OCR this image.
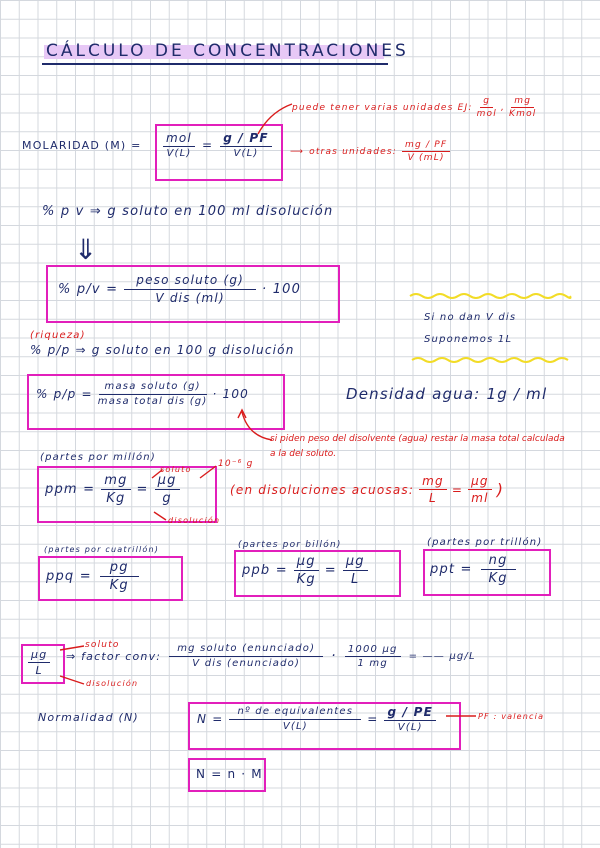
CÁLCULO DE CONCENTRACIONES
puede tener varias unidades EJ: $\frac{g}{\text{mol}}$ , $\frac{mg}{\text{Kmol}}$
MOLARIDAD $(M) = \frac{\text{mol}}{V(L)} = \frac{g / PF}{V(L)}$ ⟶ otras unidades: $\frac{mg / PF}{V (mL)}$
% p v ⇒ g soluto en 100 ml disolución
⇓
% $p/v = \frac{\text{peso soluto (g)}}{\text{V dis (ml)}} \cdot 100$
Si no dan V dis
Suponemos 1L
(riqueza)
% p/p ⇒ g soluto en 100 g disolución
% $p/p = \frac{\text{masa soluto (g)}}{\text{masa total dis (g)}} \cdot 100$	Densidad agua: 1g / ml
si piden peso del disolvente (agua) restar la masa total calculada a la del soluto.
(partes por millón)
ppm = $\frac{mg}{Kg} = \frac{\mu g}{g}$
soluto
10⁻⁶ g
disolución
(en disoluciones acuosas: $\frac{mg}{L} = \frac{\mu g}{ml}$ )
(partes por cuatrillón)
ppq = $\frac{pg}{Kg}$
(partes por billón)
ppb = $\frac{\mu g}{Kg} = \frac{\mu g}{L}$
(partes por trillón)
ppt = $\frac{ng}{Kg}$
$\frac{\mu g}{L}$
soluto
disolución
⇒ factor conv: $\frac{\text{mg soluto (enunciado)}}{\text{V dis (enunciado)}} \cdot \frac{1000 \mu g}{1 mg}$ = —— μg/L
Normalidad (N)	$N = \frac{\text{nº de equivalentes}}{V(L)} = \frac{g / PE}{V(L)}$	PF : valencia
N = n · M
